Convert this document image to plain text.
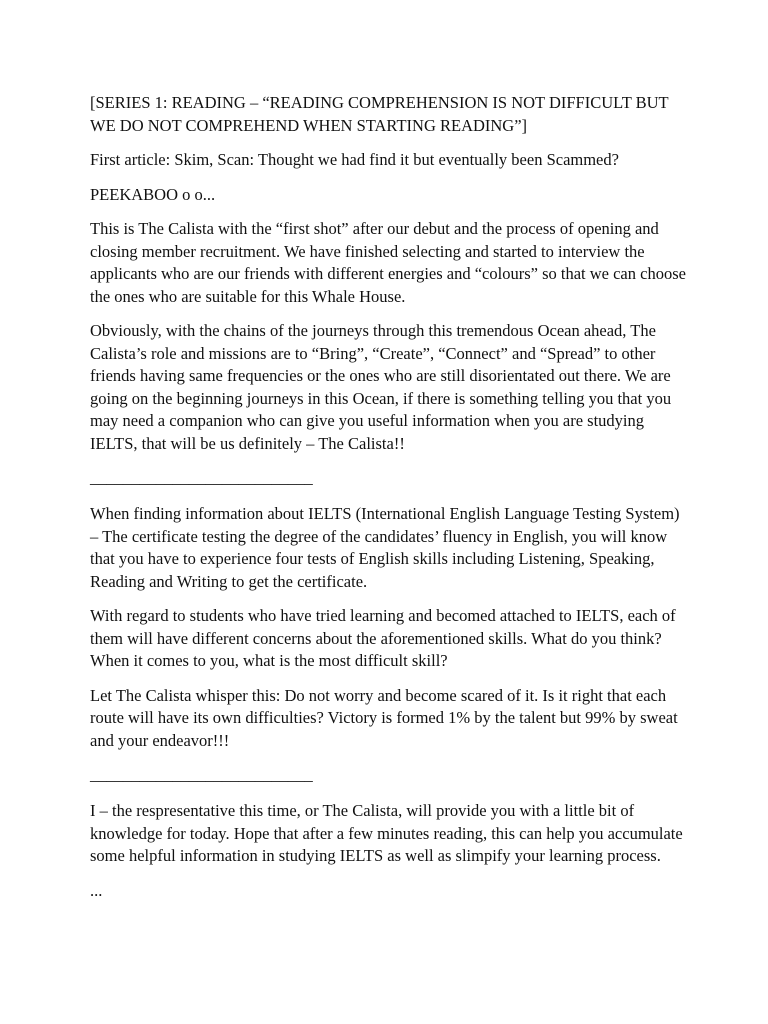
[SERIES 1: READING – “READING COMPREHENSION IS NOT DIFFICULT BUT WE DO NOT COMPREHEND WHEN STARTING READING”]

First article: Skim, Scan: Thought we had find it but eventually been Scammed?

PEEKABOO o o...

This is The Calista with the “first shot” after our debut and the process of opening and closing member recruitment. We have finished selecting and started to interview the applicants who are our friends with different energies and “colours” so that we can choose the ones who are suitable for this Whale House.

Obviously, with the chains of the journeys through this tremendous Ocean ahead, The Calista’s role and missions are to “Bring”, “Create”, “Connect” and “Spread” to other friends having same frequencies or the ones who are still disorientated out there. We are going on the beginning journeys in this Ocean, if there is something telling you that you may need a companion who can give you useful information when you are studying IELTS, that will be us definitely – The Calista!!

___________________________

When finding information about IELTS (International English Language Testing System) – The certificate testing the degree of the candidates’ fluency in English, you will know that you have to experience four tests of English skills including Listening, Speaking, Reading and Writing to get the certificate.

With regard to students who have tried learning and becomed attached to IELTS, each of them will have different concerns about the aforementioned skills. What do you think? When it comes to you, what is the most difficult skill?

Let The Calista whisper this: Do not worry and become scared of it. Is it right that each route will have its own difficulties? Victory is formed 1% by the talent but 99% by sweat and your endeavor!!!

___________________________

I – the respresentative this time, or The Calista, will provide you with a little bit of knowledge for today. Hope that after a few minutes reading, this can help you accumulate some helpful information in studying IELTS as well as slimpify your learning process.

...
